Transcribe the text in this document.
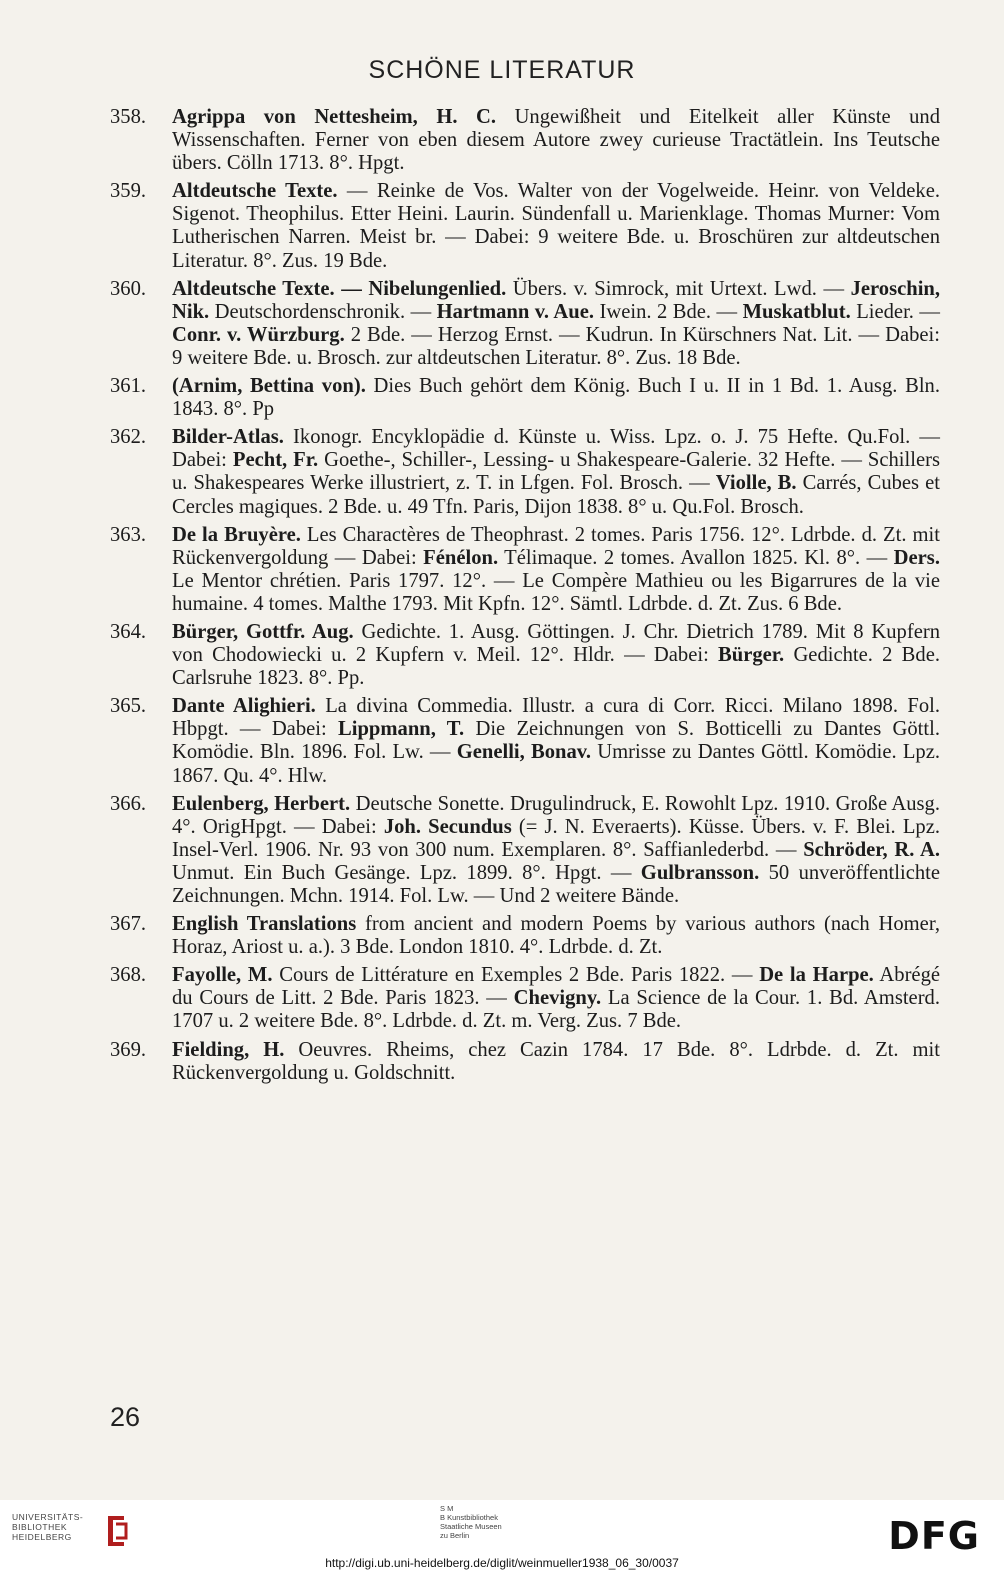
SCHÖNE LITERATUR
358. Agrippa von Nettesheim, H. C. Ungewißheit und Eitelkeit aller Künste und Wissenschaften. Ferner von eben diesem Autore zwey curieuse Tractätlein. Ins Teutsche übers. Cölln 1713. 8°. Hpgt.
359. Altdeutsche Texte. — Reinke de Vos. Walter von der Vogelweide. Heinr. von Veldeke. Sigenot. Theophilus. Etter Heini. Laurin. Sündenfall u. Marienklage. Thomas Murner: Vom Lutherischen Narren. Meist br. — Dabei: 9 weitere Bde. u. Broschüren zur altdeutschen Literatur. 8°. Zus. 19 Bde.
360. Altdeutsche Texte. — Nibelungenlied. Übers. v. Simrock, mit Urtext. Lwd. — Jeroschin, Nik. Deutschordenschronik. — Hartmann v. Aue. Iwein. 2 Bde. — Muskatblut. Lieder. — Conr. v. Würzburg. 2 Bde. — Herzog Ernst. — Kudrun. In Kürschners Nat. Lit. — Dabei: 9 weitere Bde. u. Brosch. zur altdeutschen Literatur. 8°. Zus. 18 Bde.
361. (Arnim, Bettina von). Dies Buch gehört dem König. Buch I u. II in 1 Bd. 1. Ausg. Bln. 1843. 8°. Pp
362. Bilder-Atlas. Ikonogr. Encyklopädie d. Künste u. Wiss. Lpz. o. J. 75 Hefte. Qu.Fol. — Dabei: Pecht, Fr. Goethe-, Schiller-, Lessing- u Shakespeare-Galerie. 32 Hefte. — Schillers u. Shakespeares Werke illustriert, z. T. in Lfgen. Fol. Brosch. — Violle, B. Carrés, Cubes et Cercles magiques. 2 Bde. u. 49 Tfn. Paris, Dijon 1838. 8° u. Qu.Fol. Brosch.
363. De la Bruyère. Les Charactères de Theophrast. 2 tomes. Paris 1756. 12°. Ldrbde. d. Zt. mit Rückenvergoldung — Dabei: Fénélon. Télimaque. 2 tomes. Avallon 1825. Kl. 8°. — Ders. Le Mentor chrétien. Paris 1797. 12°. — Le Compère Mathieu ou les Bigarrures de la vie humaine. 4 tomes. Malthe 1793. Mit Kpfn. 12°. Sämtl. Ldrbde. d. Zt. Zus. 6 Bde.
364. Bürger, Gottfr. Aug. Gedichte. 1. Ausg. Göttingen. J. Chr. Dietrich 1789. Mit 8 Kupfern von Chodowiecki u. 2 Kupfern v. Meil. 12°. Hldr. — Dabei: Bürger. Gedichte. 2 Bde. Carlsruhe 1823. 8°. Pp.
365. Dante Alighieri. La divina Commedia. Illustr. a cura di Corr. Ricci. Milano 1898. Fol. Hbpgt. — Dabei: Lippmann, T. Die Zeichnungen von S. Botticelli zu Dantes Göttl. Komödie. Bln. 1896. Fol. Lw. — Genelli, Bonav. Umrisse zu Dantes Göttl. Komödie. Lpz. 1867. Qu. 4°. Hlw.
366. Eulenberg, Herbert. Deutsche Sonette. Drugulindruck, E. Rowohlt Lpz. 1910. Große Ausg. 4°. OrigHpgt. — Dabei: Joh. Secundus (= J. N. Everaerts). Küsse. Übers. v. F. Blei. Lpz. Insel-Verl. 1906. Nr. 93 von 300 num. Exemplaren. 8°. Saffianlederbd. — Schröder, R. A. Unmut. Ein Buch Gesänge. Lpz. 1899. 8°. Hpgt. — Gulbransson. 50 unveröffentlichte Zeichnungen. Mchn. 1914. Fol. Lw. — Und 2 weitere Bände.
367. English Translations from ancient and modern Poems by various authors (nach Homer, Horaz, Ariost u. a.). 3 Bde. London 1810. 4°. Ldrbde. d. Zt.
368. Fayolle, M. Cours de Littérature en Exemples 2 Bde. Paris 1822. — De la Harpe. Abrégé du Cours de Litt. 2 Bde. Paris 1823. — Chevigny. La Science de la Cour. 1. Bd. Amsterd. 1707 u. 2 weitere Bde. 8°. Ldrbde. d. Zt. m. Verg. Zus. 7 Bde.
369. Fielding, H. Oeuvres. Rheims, chez Cazin 1784. 17 Bde. 8°. Ldrbde. d. Zt. mit Rückenvergoldung u. Goldschnitt.
26
UNIVERSITÄTS-
BIBLIOTHEK
HEIDELBERG
S M
B Kunstbibliothek
Staatliche Museen
zu Berlin	DFG
http://digi.ub.uni-heidelberg.de/diglit/weinmueller1938_06_30/0037
